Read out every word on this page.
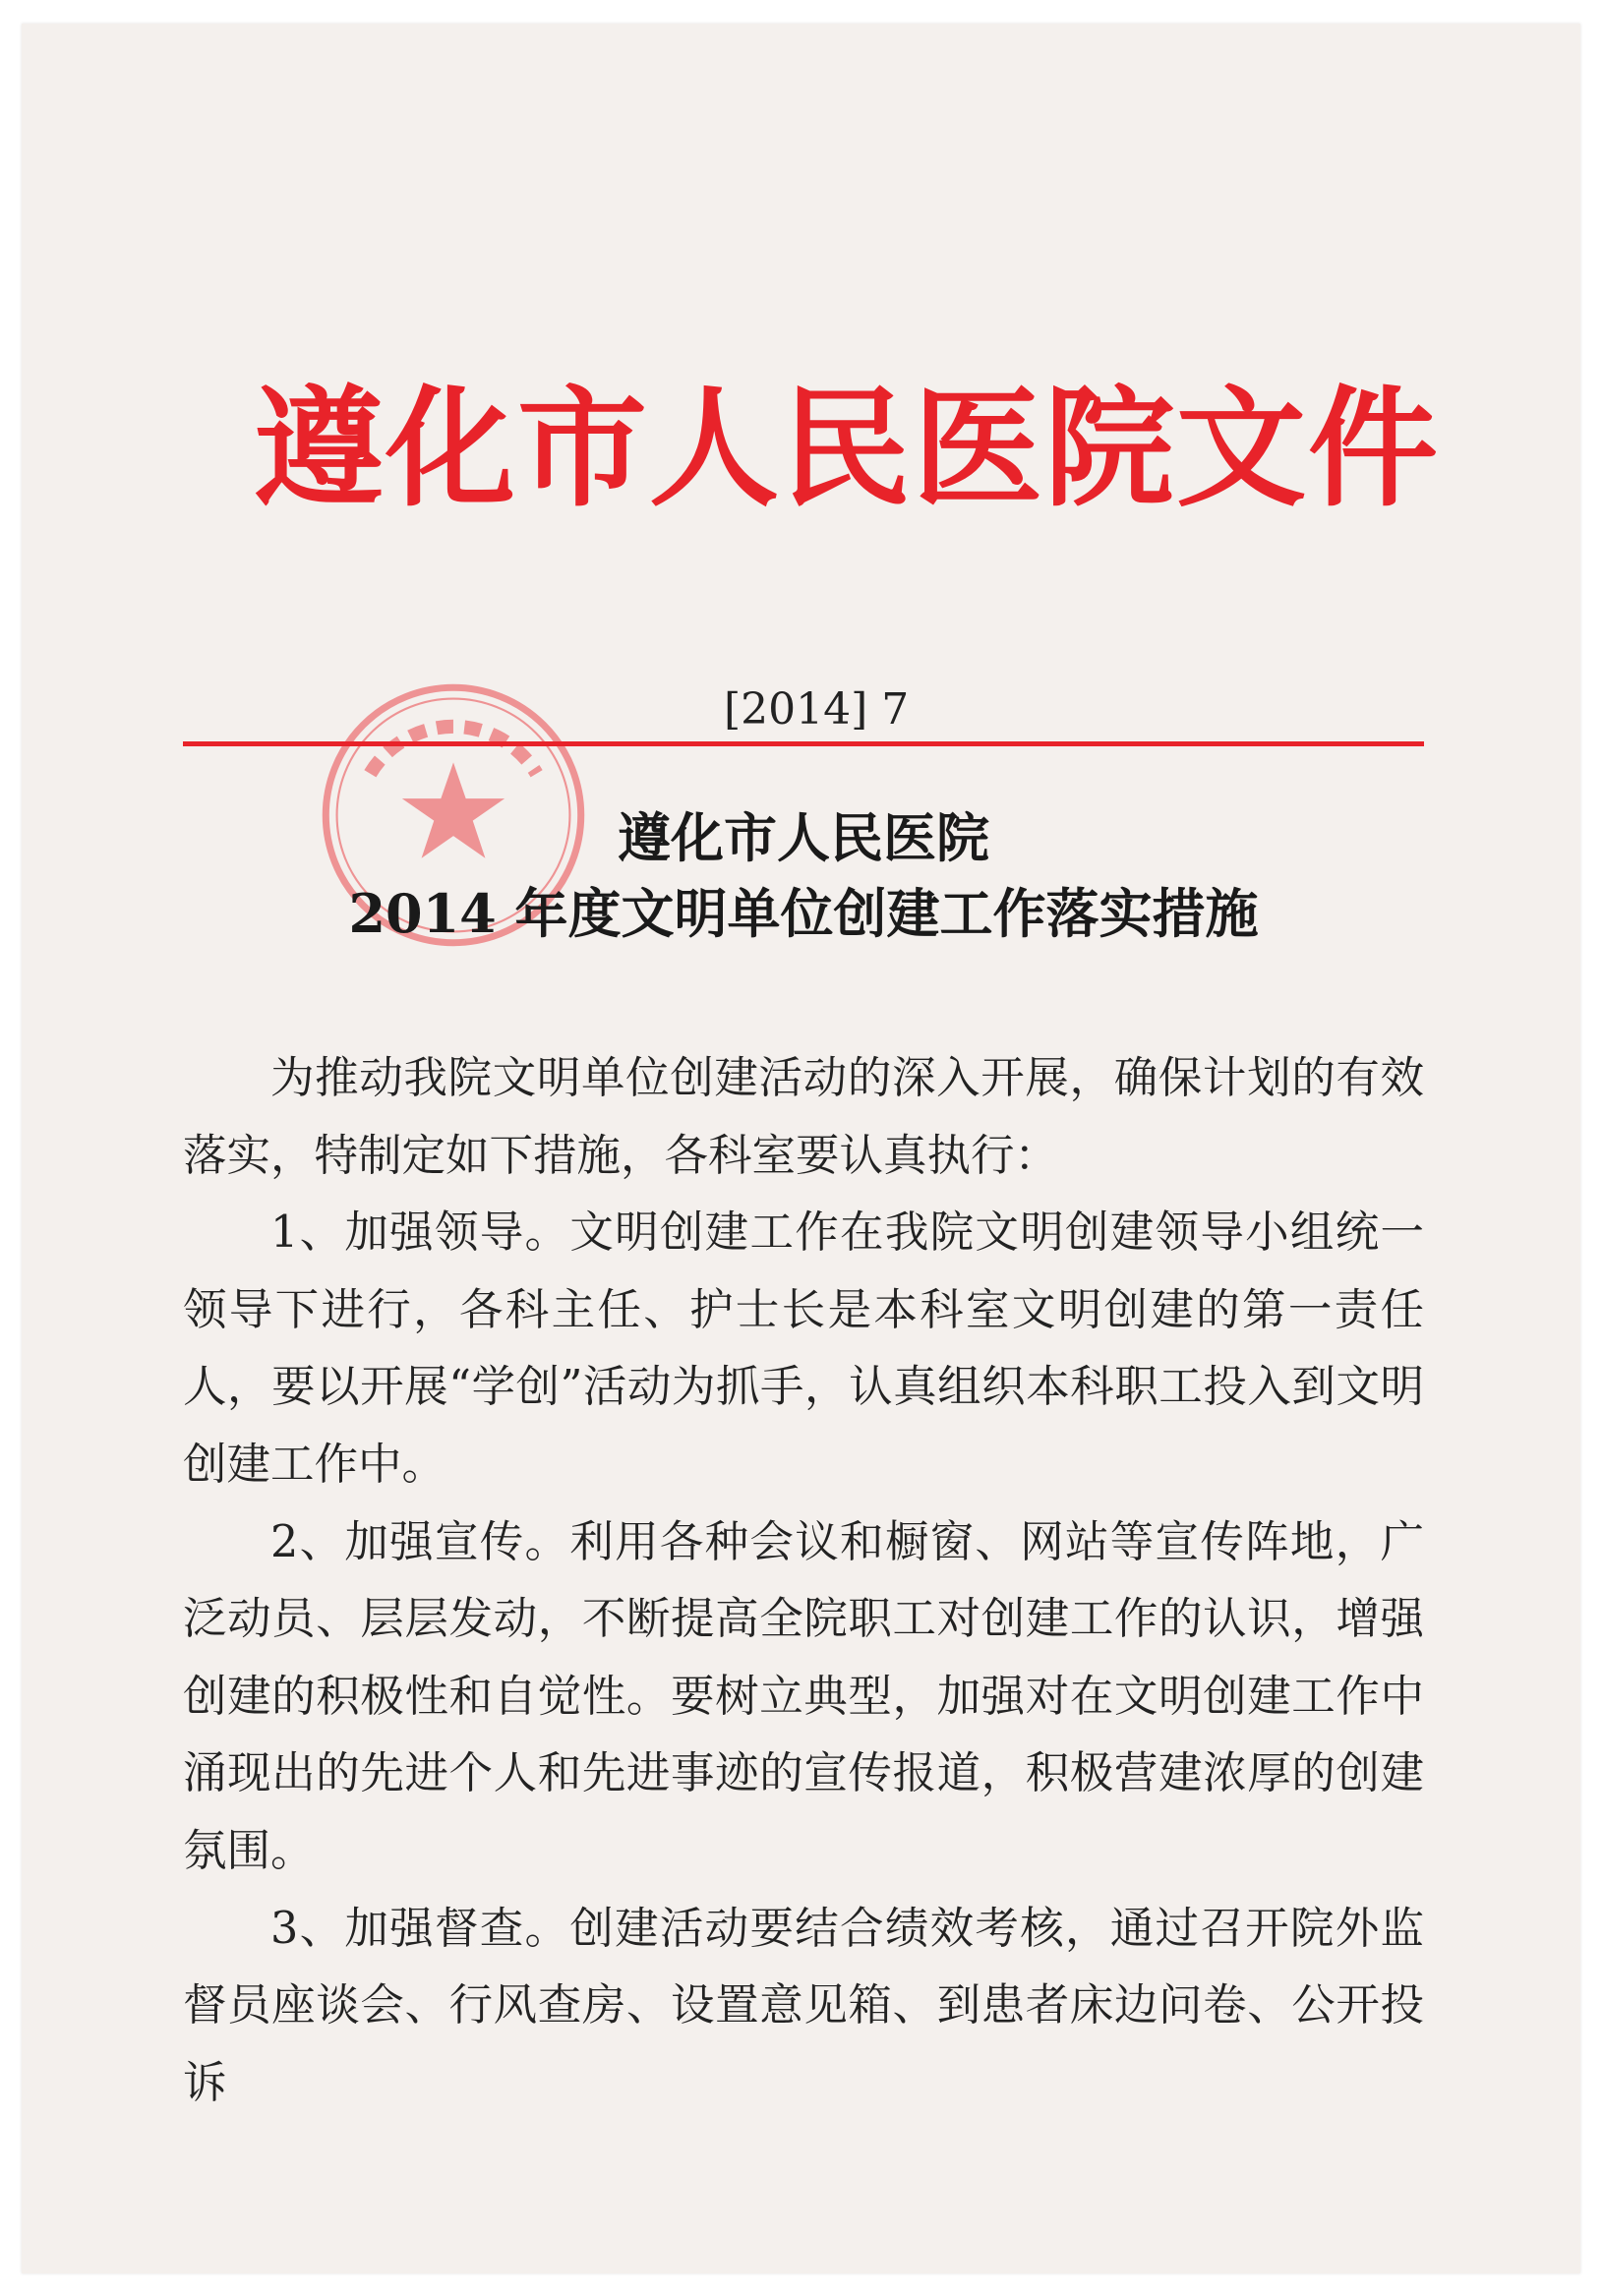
遵化市人民医院文件
[2014] 7
遵化市人民医院
2014 年度文明单位创建工作落实措施

为推动我院文明单位创建活动的深入开展，确保计划的有效落实，特制定如下措施，各科室要认真执行：

1、加强领导。文明创建工作在我院文明创建领导小组统一领导下进行，各科主任、护士长是本科室文明创建的第一责任人，要以开展“学创”活动为抓手，认真组织本科职工投入到文明创建工作中。

2、加强宣传。利用各种会议和橱窗、网站等宣传阵地，广泛动员、层层发动，不断提高全院职工对创建工作的认识，增强创建的积极性和自觉性。要树立典型，加强对在文明创建工作中涌现出的先进个人和先进事迹的宣传报道，积极营建浓厚的创建氛围。

3、加强督查。创建活动要结合绩效考核，通过召开院外监督员座谈会、行风查房、设置意见箱、到患者床边问卷、公开投诉
